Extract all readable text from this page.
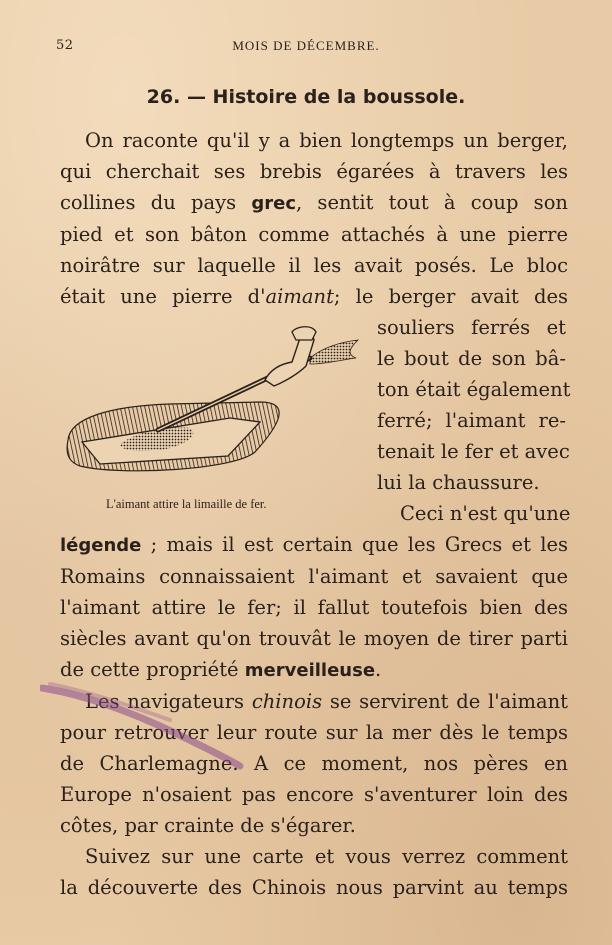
52	MOIS DE DÉCEMBRE.
26. — Histoire de la boussole.
On raconte qu'il y a bien longtemps un berger,
qui cherchait ses brebis égarées à travers les
collines du pays grec, sentit tout à coup son
pied et son bâton comme attachés à une pierre
noirâtre sur laquelle il les avait posés. Le bloc
était une pierre d'aimant; le berger avait des
L'aimant attire la limaille de fer.
souliers ferrés et
le bout de son bâ-
ton était également
ferré; l'aimant re-
tenait le fer et avec
lui la chaussure.
Ceci n'est qu'une
légende ; mais il est certain que les Grecs et les
Romains connaissaient l'aimant et savaient que
l'aimant attire le fer; il fallut toutefois bien des
siècles avant qu'on trouvât le moyen de tirer parti
de cette propriété merveilleuse.
Les navigateurs chinois se servirent de l'aimant
pour retrouver leur route sur la mer dès le temps
de Charlemagne. A ce moment, nos pères en
Europe n'osaient pas encore s'aventurer loin des
côtes, par crainte de s'égarer.
Suivez sur une carte et vous verrez comment
la découverte des Chinois nous parvint au temps
